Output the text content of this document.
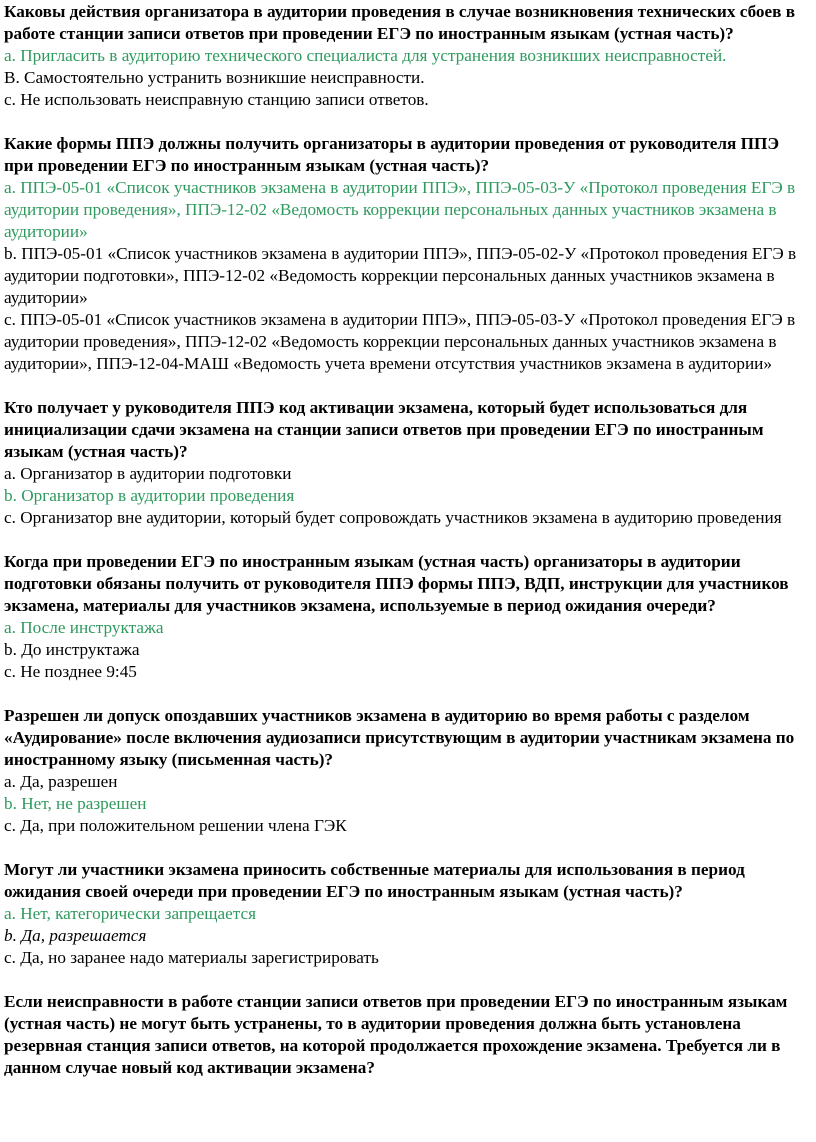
Каковы действия организатора в аудитории проведения в случае возникновения технических сбоев в работе станции записи ответов при проведении ЕГЭ по иностранным языкам (устная часть)?
a. Пригласить в аудиторию технического специалиста для устранения возникших неисправностей.
B. Самостоятельно устранить возникшие неисправности.
c. Не использовать неисправную станцию записи ответов.
Какие формы ППЭ должны получить организаторы в аудитории проведения от руководителя ППЭ при проведении ЕГЭ по иностранным языкам (устная часть)?
a. ППЭ-05-01 «Список участников экзамена в аудитории ППЭ», ППЭ-05-03-У «Протокол проведения ЕГЭ в аудитории проведения», ППЭ-12-02 «Ведомость коррекции персональных данных участников экзамена в аудитории»
b. ППЭ-05-01 «Список участников экзамена в аудитории ППЭ», ППЭ-05-02-У «Протокол проведения ЕГЭ в аудитории подготовки», ППЭ-12-02 «Ведомость коррекции персональных данных участников экзамена в аудитории»
c. ППЭ-05-01 «Список участников экзамена в аудитории ППЭ», ППЭ-05-03-У «Протокол проведения ЕГЭ в аудитории проведения», ППЭ-12-02 «Ведомость коррекции персональных данных участников экзамена в аудитории», ППЭ-12-04-МАШ «Ведомость учета времени отсутствия участников экзамена в аудитории»
Кто получает у руководителя ППЭ код активации экзамена, который будет использоваться для инициализации сдачи экзамена на станции записи ответов при проведении ЕГЭ по иностранным языкам (устная часть)?
a. Организатор в аудитории подготовки
b. Организатор в аудитории проведения
c. Организатор вне аудитории, который будет сопровождать участников экзамена в аудиторию проведения
Когда при проведении ЕГЭ по иностранным языкам (устная часть) организаторы в аудитории подготовки обязаны получить от руководителя ППЭ формы ППЭ, ВДП, инструкции для участников экзамена, материалы для участников экзамена, используемые в период ожидания очереди?
a. После инструктажа
b. До инструктажа
c. Не позднее 9:45
Разрешен ли допуск опоздавших участников экзамена в аудиторию во время работы с разделом «Аудирование» после включения аудиозаписи присутствующим в аудитории участникам экзамена по иностранному языку (письменная часть)?
a. Да, разрешен
b. Нет, не разрешен
c. Да, при положительном решении члена ГЭК
Могут ли участники экзамена приносить собственные материалы для использования в период ожидания своей очереди при проведении ЕГЭ по иностранным языкам (устная часть)?
a. Нет, категорически запрещается
b. Да, разрешается
c. Да, но заранее надо материалы зарегистрировать
Если неисправности в работе станции записи ответов при проведении ЕГЭ по иностранным языкам (устная часть) не могут быть устранены, то в аудитории проведения должна быть установлена резервная станция записи ответов, на которой продолжается прохождение экзамена. Требуется ли в данном случае новый код активации экзамена?
